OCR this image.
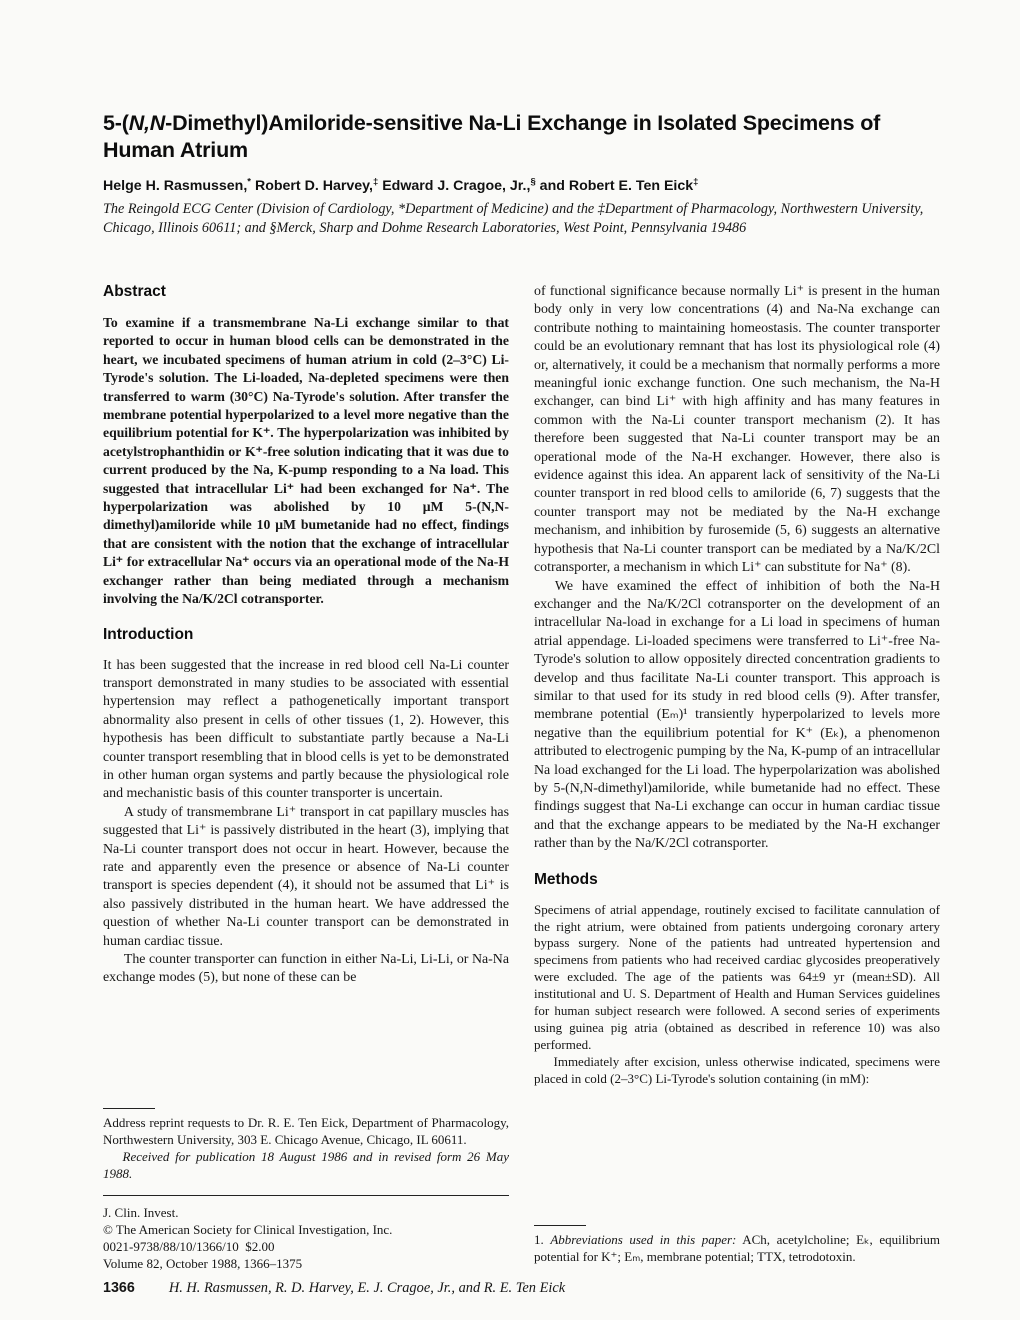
5-(N,N-Dimethyl)Amiloride-sensitive Na-Li Exchange in Isolated Specimens of Human Atrium

Helge H. Rasmussen,* Robert D. Harvey,‡ Edward J. Cragoe, Jr.,§ and Robert E. Ten Eick‡

The Reingold ECG Center (Division of Cardiology, *Department of Medicine) and the ‡Department of Pharmacology, Northwestern University, Chicago, Illinois 60611; and §Merck, Sharp and Dohme Research Laboratories, West Point, Pennsylvania 19486

Abstract

To examine if a transmembrane Na-Li exchange similar to that reported to occur in human blood cells can be demonstrated in the heart, we incubated specimens of human atrium in cold (2–3°C) Li-Tyrode's solution. The Li-loaded, Na-depleted specimens were then transferred to warm (30°C) Na-Tyrode's solution. After transfer the membrane potential hyperpolarized to a level more negative than the equilibrium potential for K⁺. The hyperpolarization was inhibited by acetylstrophanthidin or K⁺-free solution indicating that it was due to current produced by the Na, K-pump responding to a Na load. This suggested that intracellular Li⁺ had been exchanged for Na⁺. The hyperpolarization was abolished by 10 μM 5-(N,N-dimethyl)amiloride while 10 μM bumetanide had no effect, findings that are consistent with the notion that the exchange of intracellular Li⁺ for extracellular Na⁺ occurs via an operational mode of the Na-H exchanger rather than being mediated through a mechanism involving the Na/K/2Cl cotransporter.

Introduction

It has been suggested that the increase in red blood cell Na-Li counter transport demonstrated in many studies to be associated with essential hypertension may reflect a pathogenetically important transport abnormality also present in cells of other tissues (1, 2). However, this hypothesis has been difficult to substantiate partly because a Na-Li counter transport resembling that in blood cells is yet to be demonstrated in other human organ systems and partly because the physiological role and mechanistic basis of this counter transporter is uncertain.

A study of transmembrane Li⁺ transport in cat papillary muscles has suggested that Li⁺ is passively distributed in the heart (3), implying that Na-Li counter transport does not occur in heart. However, because the rate and apparently even the presence or absence of Na-Li counter transport is species dependent (4), it should not be assumed that Li⁺ is also passively distributed in the human heart. We have addressed the question of whether Na-Li counter transport can be demonstrated in human cardiac tissue.

The counter transporter can function in either Na-Li, Li-Li, or Na-Na exchange modes (5), but none of these can be

Address reprint requests to Dr. R. E. Ten Eick, Department of Pharmacology, Northwestern University, 303 E. Chicago Avenue, Chicago, IL 60611.

Received for publication 18 August 1986 and in revised form 26 May 1988.

J. Clin. Invest.

© The American Society for Clinical Investigation, Inc.

0021-9738/88/10/1366/10  $2.00

Volume 82, October 1988, 1366–1375

of functional significance because normally Li⁺ is present in the human body only in very low concentrations (4) and Na-Na exchange can contribute nothing to maintaining homeostasis. The counter transporter could be an evolutionary remnant that has lost its physiological role (4) or, alternatively, it could be a mechanism that normally performs a more meaningful ionic exchange function. One such mechanism, the Na-H exchanger, can bind Li⁺ with high affinity and has many features in common with the Na-Li counter transport mechanism (2). It has therefore been suggested that Na-Li counter transport may be an operational mode of the Na-H exchanger. However, there also is evidence against this idea. An apparent lack of sensitivity of the Na-Li counter transport in red blood cells to amiloride (6, 7) suggests that the counter transport may not be mediated by the Na-H exchange mechanism, and inhibition by furosemide (5, 6) suggests an alternative hypothesis that Na-Li counter transport can be mediated by a Na/K/2Cl cotransporter, a mechanism in which Li⁺ can substitute for Na⁺ (8).

We have examined the effect of inhibition of both the Na-H exchanger and the Na/K/2Cl cotransporter on the development of an intracellular Na-load in exchange for a Li load in specimens of human atrial appendage. Li-loaded specimens were transferred to Li⁺-free Na-Tyrode's solution to allow oppositely directed concentration gradients to develop and thus facilitate Na-Li counter transport. This approach is similar to that used for its study in red blood cells (9). After transfer, membrane potential (Eₘ)¹ transiently hyperpolarized to levels more negative than the equilibrium potential for K⁺ (Eₖ), a phenomenon attributed to electrogenic pumping by the Na, K-pump of an intracellular Na load exchanged for the Li load. The hyperpolarization was abolished by 5-(N,N-dimethyl)amiloride, while bumetanide had no effect. These findings suggest that Na-Li exchange can occur in human cardiac tissue and that the exchange appears to be mediated by the Na-H exchanger rather than by the Na/K/2Cl cotransporter.

Methods

Specimens of atrial appendage, routinely excised to facilitate cannulation of the right atrium, were obtained from patients undergoing coronary artery bypass surgery. None of the patients had untreated hypertension and specimens from patients who had received cardiac glycosides preoperatively were excluded. The age of the patients was 64±9 yr (mean±SD). All institutional and U. S. Department of Health and Human Services guidelines for human subject research were followed. A second series of experiments using guinea pig atria (obtained as described in reference 10) was also performed.

Immediately after excision, unless otherwise indicated, specimens were placed in cold (2–3°C) Li-Tyrode's solution containing (in mM):

1. Abbreviations used in this paper: ACh, acetylcholine; Eₖ, equilibrium potential for K⁺; Eₘ, membrane potential; TTX, tetrodotoxin.

1366 H. H. Rasmussen, R. D. Harvey, E. J. Cragoe, Jr., and R. E. Ten Eick
